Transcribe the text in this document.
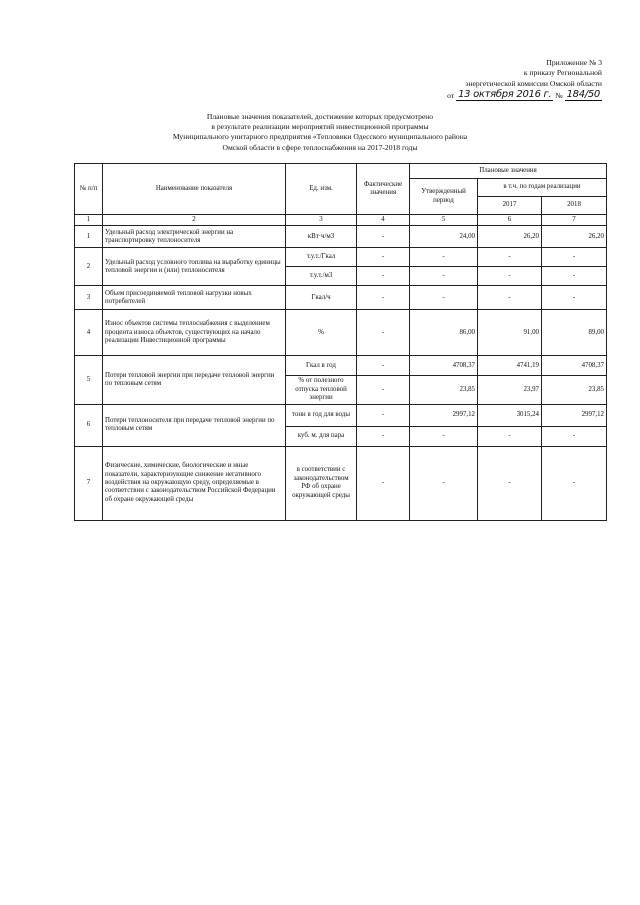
Приложение № 3
к приказу Региональной
энергетической комиссии Омской области
от 13 октября 2016 г. № 184/50
Плановые значения показателей, достижение которых предусмотрено
в результате реализации мероприятий инвестиционной программы
Муниципального унитарного предприятия «Тепловики Одесского муниципального района
Омской области в сфере теплоснабжения на 2017-2018 годы
№ п/п	Наименование показателя	Ед. изм.	Фактические значения	Плановые значения		
				Утвержденный период	в т.ч. по годам реализации	
					2017	2018
1	2	3	4	5	6	7
1	Удельный расход электрической энергии на транспортировку теплоносителя	кВт·ч/м3	-	24,00	26,20	26,20
2	Удельный расход условного топлива на выработку единицы тепловой энергии и (или) теплоносителя	т.у.т./Гкал	-	-	-	-
		т.у.т./м3	-	-	-	-
3	Объем присоединяемой тепловой нагрузки новых потребителей	Гкал/ч	-	-	-	-
4	Износ объектов системы теплоснабжения с выделением процента износа объектов, существующих на начало реализации Инвестиционной программы	%	-	86,00	91,00	89,00
5	Потери тепловой энергии при передаче тепловой энергии по тепловым сетям	Гкал в год	-	4708,37	4741,19	4708,37
		% от полезного отпуска тепловой энергии	-	23,85	23,97	23,85
6	Потери теплоносителя при передаче тепловой энергии по тепловым сетям	тонн в год для воды	-	2997,12	3015,24	2997,12
		куб. м. для пара	-	-	-	-
7	Физические, химические, биологические и иные показатели, характеризующие снижение негативного воздействия на окружающую среду, определяемые в соответствии с законодательством Российской Федерации об охране окружающей среды	в соответствии с законодательством РФ об охране окружающей среды	-	-	-	-
